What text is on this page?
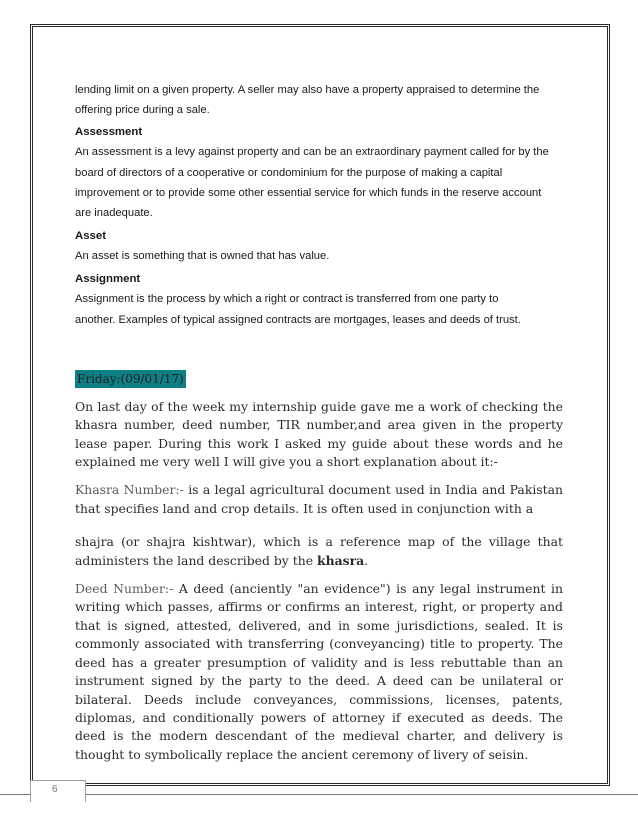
lending limit on a given property. A seller may also have a property appraised to determine the

offering price during a sale.

Assessment

An assessment is a levy against property and can be an extraordinary payment called for by the

board of directors of a cooperative or condominium for the purpose of making a capital

improvement or to provide some other essential service for which funds in the reserve account

are inadequate.

Asset

An asset is something that is owned that has value.

Assignment

Assignment is the process by which a right or contract is transferred from one party to

another. Examples of typical assigned contracts are mortgages, leases and deeds of trust.

Friday:(09/01/17)

On last day of the week my internship guide gave me a work of checking the khasra number, deed number, TIR number,and area given in the property lease paper. During this work I asked my guide about these words and he explained me very well I will give you a short explanation about it:-

Khasra Number:- is a legal agricultural document used in India and Pakistan that specifies land and crop details. It is often used in conjunction with a

shajra (or shajra kishtwar), which is a reference map of the village that administers the land described by the khasra.

Deed Number:- A deed (anciently "an evidence") is any legal instrument in writing which passes, affirms or confirms an interest, right, or property and that is signed, attested, delivered, and in some jurisdictions, sealed. It is commonly associated with transferring (conveyancing) title to property. The deed has a greater presumption of validity and is less rebuttable than an instrument signed by the party to the deed. A deed can be unilateral or bilateral. Deeds include conveyances, commissions, licenses, patents, diplomas, and conditionally powers of attorney if executed as deeds. The deed is the modern descendant of the medieval charter, and delivery is thought to symbolically replace the ancient ceremony of livery of seisin.

6
